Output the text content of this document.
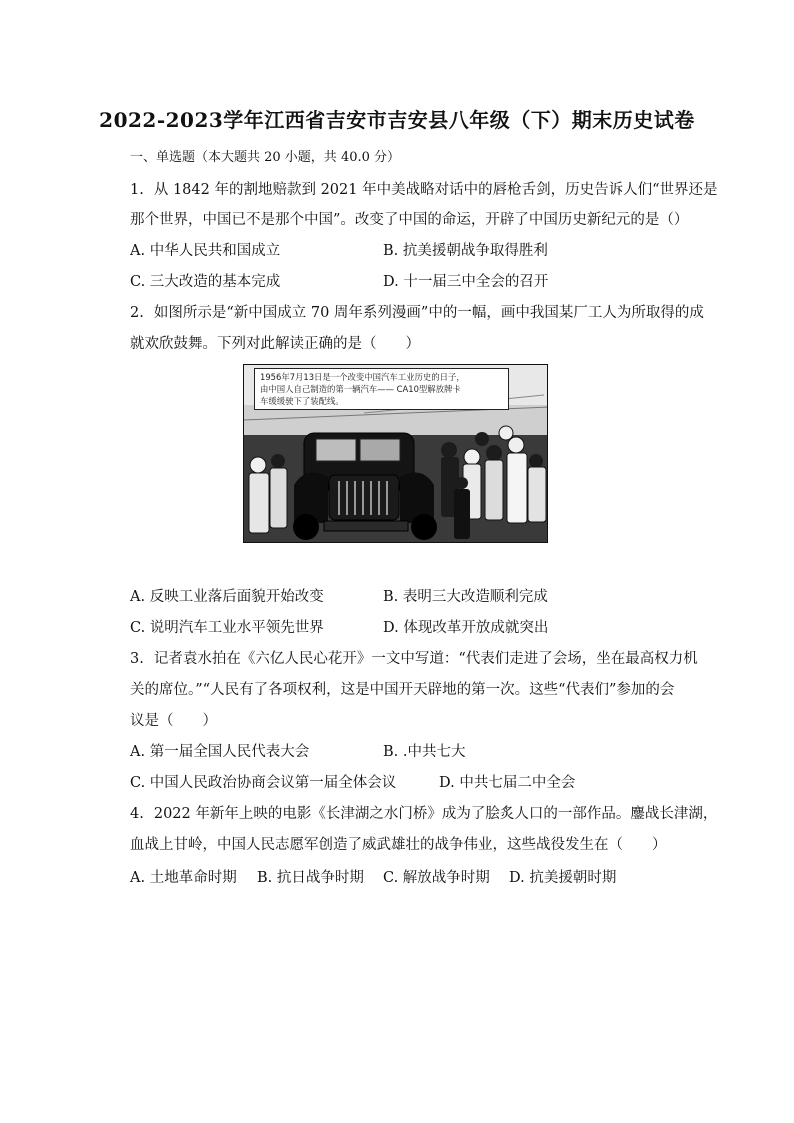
2022-2023学年江西省吉安市吉安县八年级（下）期末历史试卷
一、单选题（本大题共 20 小题，共 40.0 分）
1. 从 1842 年的割地赔款到 2021 年中美战略对话中的唇枪舌剑，历史告诉人们“世界还是
那个世界，中国已不是那个中国”。改变了中国的命运，开辟了中国历史新纪元的是（）
A. 中华人民共和国成立	B. 抗美援朝战争取得胜利
C. 三大改造的基本完成	D. 十一届三中全会的召开
2. 如图所示是“新中国成立 70 周年系列漫画”中的一幅，画中我国某厂工人为所取得的成
就欢欣鼓舞。下列对此解读正确的是（　　）
1956年7月13日是一个改变中国汽车工业历史的日子，
由中国人自己制造的第一辆汽车—— CA10型解放牌卡
车缓缓驶下了装配线。
A. 反映工业落后面貌开始改变	B. 表明三大改造顺利完成
C. 说明汽车工业水平领先世界	D. 体现改革开放成就突出
3. 记者袁水拍在《六亿人民心花开》一文中写道：“代表们走进了会场，坐在最高权力机
关的席位。”“人民有了各项权利，这是中国开天辟地的第一次。这些“代表们”参加的会
议是（　　）
A. 第一届全国人民代表大会	B. .中共七大
C. 中国人民政治协商会议第一届全体会议	D. 中共七届二中全会
4. 2022 年新年上映的电影《长津湖之水门桥》成为了脍炙人口的一部作品。鏖战长津湖，
血战上甘岭，中国人民志愿军创造了威武雄壮的战争伟业，这些战役发生在（　　）
A. 土地革命时期 B. 抗日战争时期 C. 解放战争时期 D. 抗美援朝时期
